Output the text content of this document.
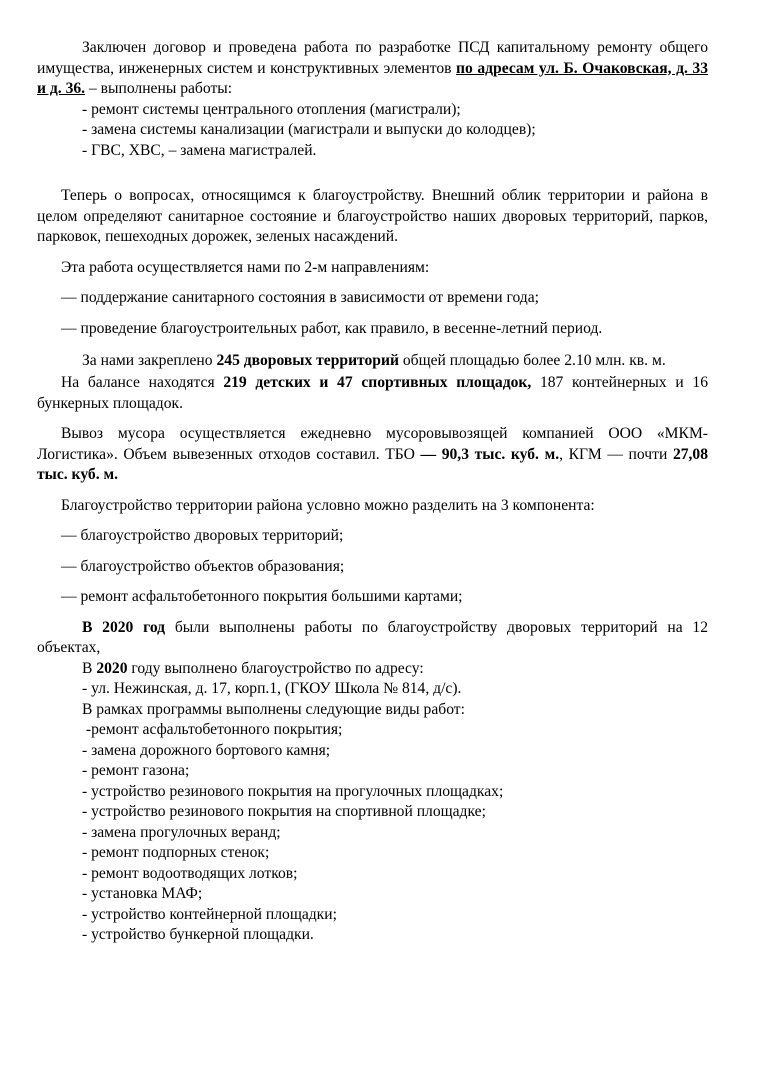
Заключен договор и проведена работа по разработке ПСД капитальному ремонту общего имущества, инженерных систем и конструктивных элементов по адресам ул. Б. Очаковская, д. 33 и д. 36. – выполнены работы:

- ремонт системы центрального отопления (магистрали);
- замена системы канализации (магистрали и выпуски до колодцев);
- ГВС, ХВС, – замена магистралей.

Теперь о вопросах, относящимся к благоустройству. Внешний облик территории и района в целом определяют санитарное состояние и благоустройство наших дворовых территорий, парков, парковок, пешеходных дорожек, зеленых насаждений.

Эта работа осуществляется нами по 2-м направлениям:

— поддержание санитарного состояния в зависимости от времени года;

— проведение благоустроительных работ, как правило, в весенне-летний период.

За нами закреплено 245 дворовых территорий общей площадью более 2.10 млн. кв. м.

На балансе находятся 219 детских и 47 спортивных площадок, 187 контейнерных и 16 бункерных площадок.

Вывоз мусора осуществляется ежедневно мусоровывозящей компанией ООО «МКМ-Логистика». Объем вывезенных отходов составил. ТБО — 90,3 тыс. куб. м., КГМ — почти 27,08 тыс. куб. м.

Благоустройство территории района условно можно разделить на 3 компонента:

— благоустройство дворовых территорий;

— благоустройство объектов образования;

— ремонт асфальтобетонного покрытия большими картами;

В 2020 год были выполнены работы по благоустройству дворовых территорий на 12 объектах,

В 2020 году выполнено благоустройство по адресу:
- ул. Нежинская, д. 17, корп.1, (ГКОУ Школа № 814, д/с).
В рамках программы выполнены следующие виды работ:
-ремонт асфальтобетонного покрытия;
- замена дорожного бортового камня;
- ремонт газона;
- устройство резинового покрытия на прогулочных площадках;
- устройство резинового покрытия на спортивной площадке;
- замена прогулочных веранд;
- ремонт подпорных стенок;
- ремонт водоотводящих лотков;
- установка МАФ;
- устройство контейнерной площадки;
- устройство бункерной площадки.
